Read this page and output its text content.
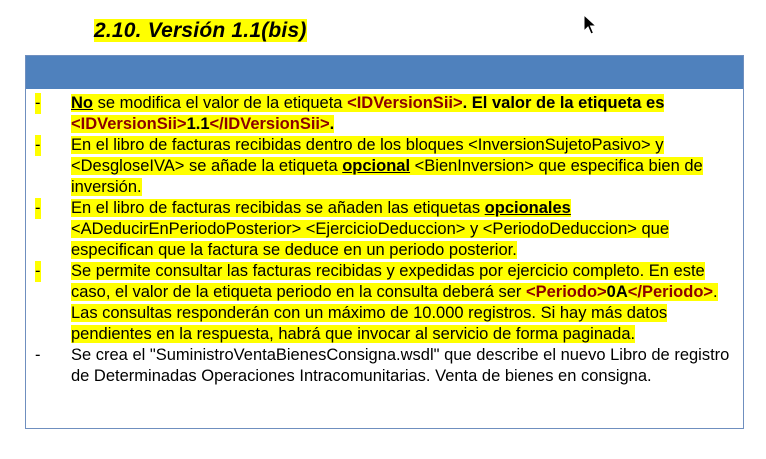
2.10. Versión 1.1(bis)
- No se modifica el valor de la etiqueta <IDVersionSii>. El valor de la etiqueta es <IDVersionSii>1.1</IDVersionSii>.
- En el libro de facturas recibidas dentro de los bloques <InversionSujetoPasivo> y <DesgloseIVA> se añade la etiqueta opcional <BienInversion> que especifica bien de inversión.
- En el libro de facturas recibidas se añaden las etiquetas opcionales <ADeducirEnPeriodoPosterior> <EjercicioDeduccion> y <PeriodoDeduccion> que especifican que la factura se deduce en un periodo posterior.
- Se permite consultar las facturas recibidas y expedidas por ejercicio completo. En este caso, el valor de la etiqueta periodo en la consulta deberá ser <Periodo>0A</Periodo>. Las consultas responderán con un máximo de 10.000 registros. Si hay más datos pendientes en la respuesta, habrá que invocar al servicio de forma paginada.
- Se crea el "SuministroVentaBienesConsigna.wsdl" que describe el nuevo Libro de registro de Determinadas Operaciones Intracomunitarias. Venta de bienes en consigna.
